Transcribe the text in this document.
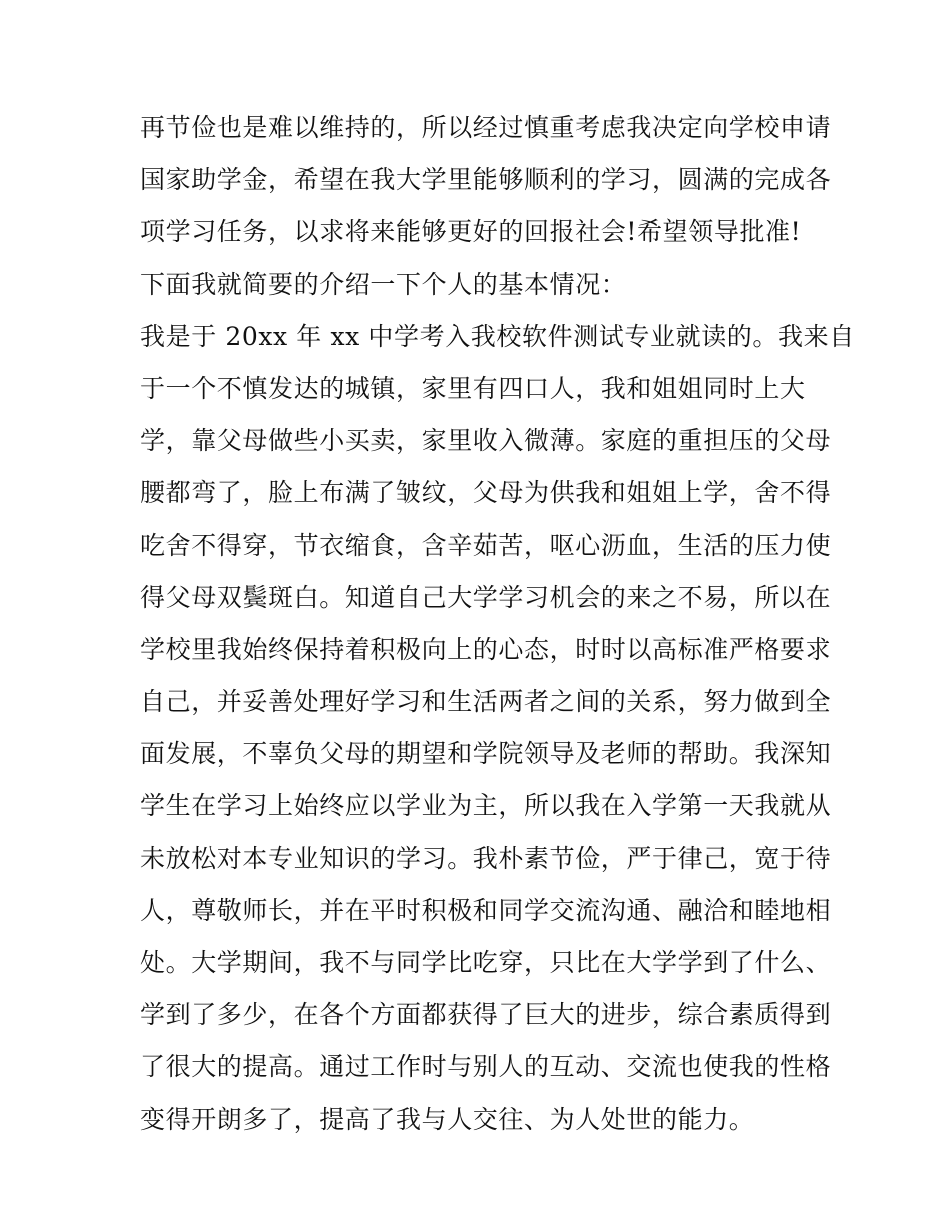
再节俭也是难以维持的，所以经过慎重考虑我决定向学校申请
国家助学金，希望在我大学里能够顺利的学习，圆满的完成各
项学习任务，以求将来能够更好的回报社会!希望领导批准!
下面我就简要的介绍一下个人的基本情况：
我是于 20xx 年 xx 中学考入我校软件测试专业就读的。我来自
于一个不慎发达的城镇，家里有四口人，我和姐姐同时上大
学，靠父母做些小买卖，家里收入微薄。家庭的重担压的父母
腰都弯了，脸上布满了皱纹，父母为供我和姐姐上学，舍不得
吃舍不得穿，节衣缩食，含辛茹苦，呕心沥血，生活的压力使
得父母双鬓斑白。知道自己大学学习机会的来之不易，所以在
学校里我始终保持着积极向上的心态，时时以高标准严格要求
自己，并妥善处理好学习和生活两者之间的关系，努力做到全
面发展，不辜负父母的期望和学院领导及老师的帮助。我深知
学生在学习上始终应以学业为主，所以我在入学第一天我就从
未放松对本专业知识的学习。我朴素节俭，严于律己，宽于待
人，尊敬师长，并在平时积极和同学交流沟通、融洽和睦地相
处。大学期间，我不与同学比吃穿，只比在大学学到了什么、
学到了多少，在各个方面都获得了巨大的进步，综合素质得到
了很大的提高。通过工作时与别人的互动、交流也使我的性格
变得开朗多了，提高了我与人交往、为人处世的能力。
